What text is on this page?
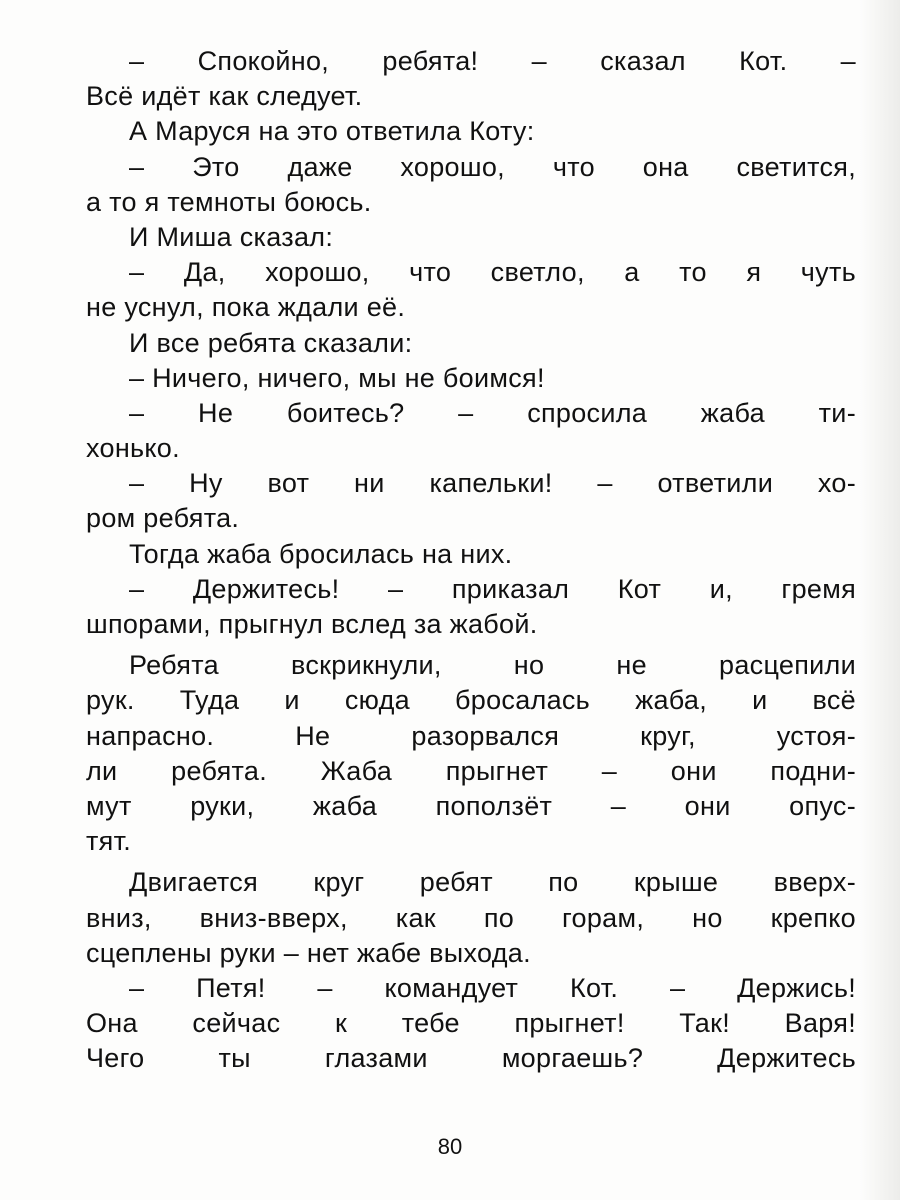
– Спокойно, ребята! – сказал Кот. –
Всё идёт как следует.
А Маруся на это ответила Коту:
– Это даже хорошо, что она светится,
а то я темноты боюсь.
И Миша сказал:
– Да, хорошо, что светло, а то я чуть
не уснул, пока ждали её.
И все ребята сказали:
– Ничего, ничего, мы не боимся!
– Не боитесь? – спросила жаба ти-
хонько.
– Ну вот ни капельки! – ответили хо-
ром ребята.
Тогда жаба бросилась на них.
– Держитесь! – приказал Кот и, гремя
шпорами, прыгнул вслед за жабой.
Ребята вскрикнули, но не расцепили
рук. Туда и сюда бросалась жаба, и всё
напрасно. Не разорвался круг, устоя-
ли ребята. Жаба прыгнет – они подни-
мут руки, жаба поползёт – они опус-
тят.
Двигается круг ребят по крыше вверх-
вниз, вниз-вверх, как по горам, но крепко
сцеплены руки – нет жабе выхода.
– Петя! – командует Кот. – Держись!
Она сейчас к тебе прыгнет! Так! Варя!
Чего ты глазами моргаешь? Держитесь
80
